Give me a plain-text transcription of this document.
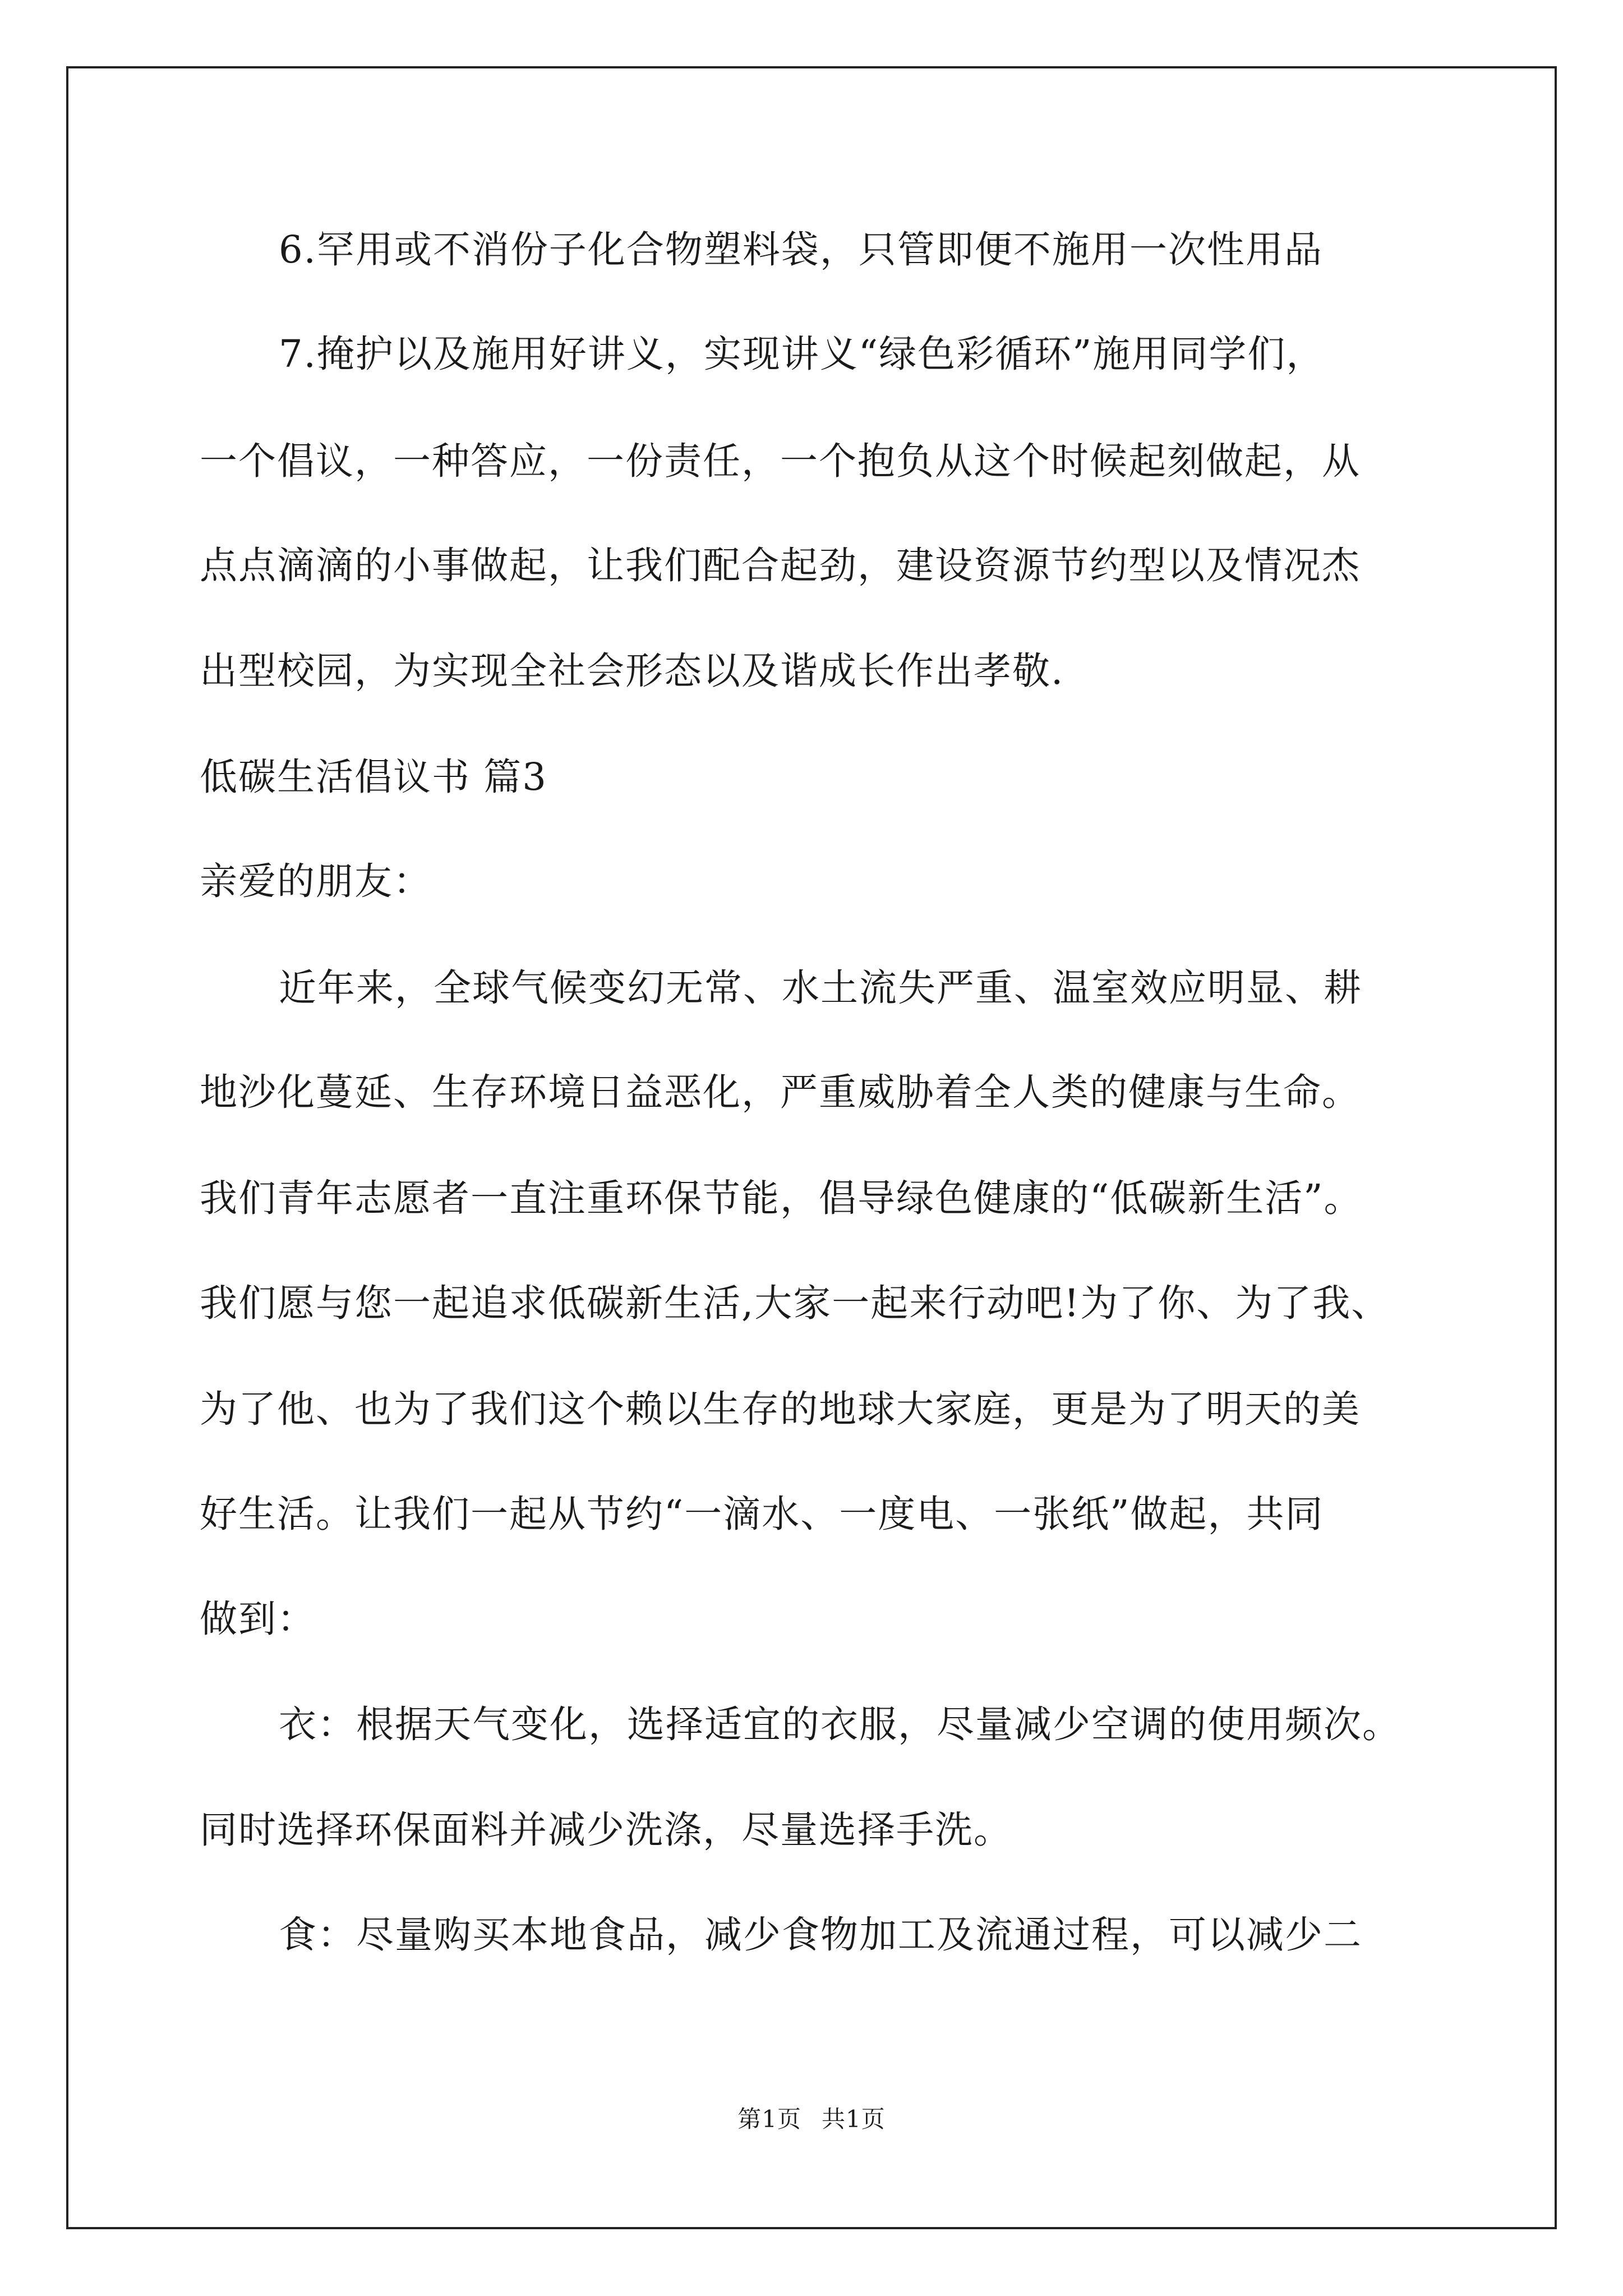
6.罕用或不消份子化合物塑料袋，只管即便不施用一次性用品
7.掩护以及施用好讲义，实现讲义“绿色彩循环”施用同学们，
一个倡议，一种答应，一份责任，一个抱负从这个时候起刻做起，从
点点滴滴的小事做起，让我们配合起劲，建设资源节约型以及情况杰
出型校园，为实现全社会形态以及谐成长作出孝敬.
低碳生活倡议书 篇3
亲爱的朋友：
近年来，全球气候变幻无常、水土流失严重、温室效应明显、耕
地沙化蔓延、生存环境日益恶化，严重威胁着全人类的健康与生命。
我们青年志愿者一直注重环保节能，倡导绿色健康的“低碳新生活”。
我们愿与您一起追求低碳新生活,大家一起来行动吧!为了你、为了我、
为了他、也为了我们这个赖以生存的地球大家庭，更是为了明天的美
好生活。让我们一起从节约“一滴水、一度电、一张纸”做起，共同
做到：
衣：根据天气变化，选择适宜的衣服，尽量减少空调的使用频次。
同时选择环保面料并减少洗涤，尽量选择手洗。
食：尽量购买本地食品，减少食物加工及流通过程，可以减少二
第1页 共1页
